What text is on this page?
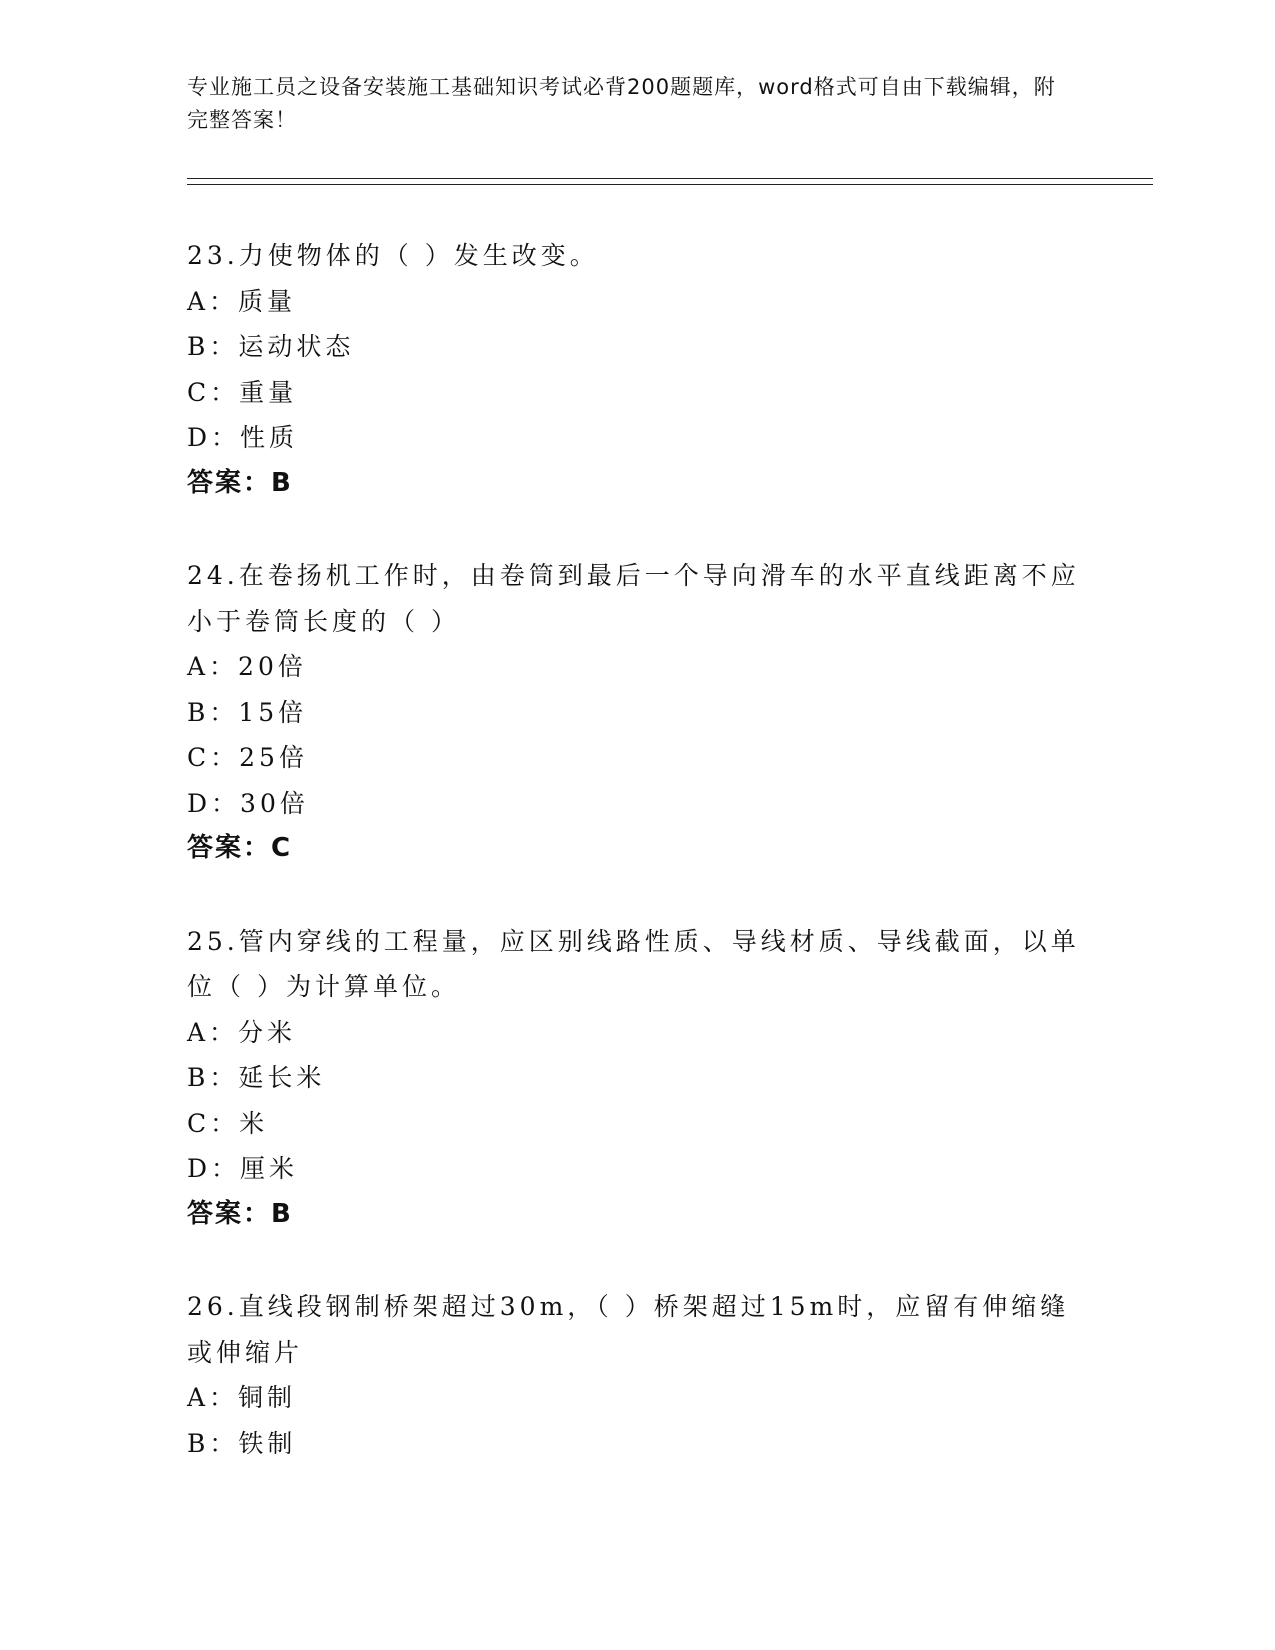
专业施工员之设备安装施工基础知识考试必背200题题库，word格式可自由下载编辑，附完整答案！

23.力使物体的（ ）发生改变。

A：质量

B：运动状态

C：重量

D：性质

答案：B

24.在卷扬机工作时，由卷筒到最后一个导向滑车的水平直线距离不应小于卷筒长度的（ ）

A：20倍

B：15倍

C：25倍

D：30倍

答案：C

25.管内穿线的工程量，应区别线路性质、导线材质、导线截面，以单位（ ）为计算单位。

A：分米

B：延长米

C：米

D：厘米

答案：B

26.直线段钢制桥架超过30m，（ ）桥架超过15m时，应留有伸缩缝或伸缩片

A：铜制

B：铁制
